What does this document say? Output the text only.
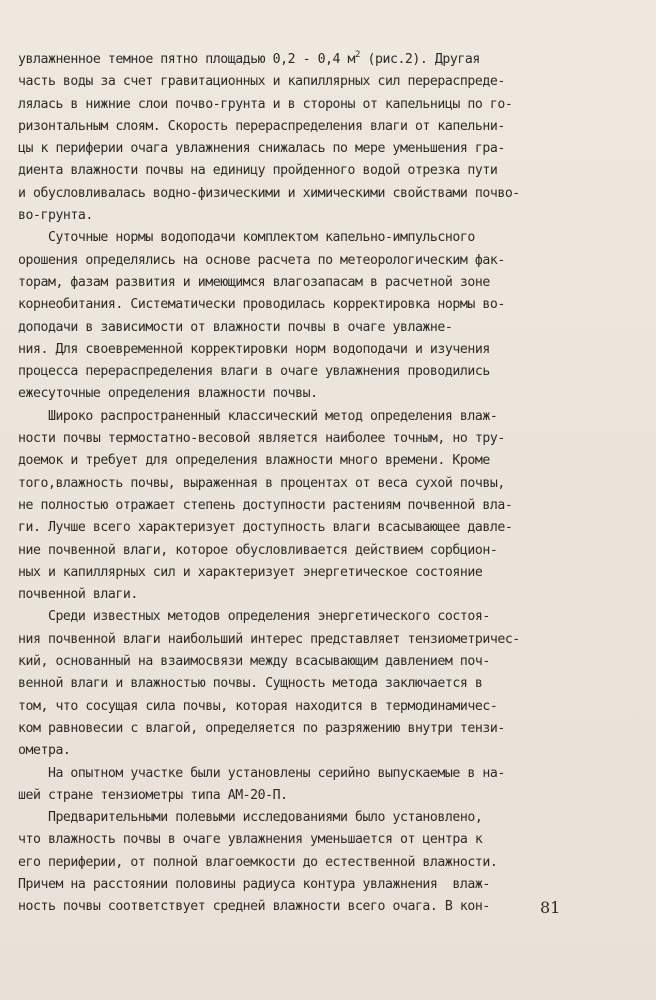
увлажненное темное пятно площадью 0,2 - 0,4 $м^2$ (рис.2). Другая
часть воды за счет гравитационных и капиллярных сил перераспреде-
лялась в нижние слои почво-грунта и в стороны от капельницы по го-
ризонтальным слоям. Скорость перераспределения влаги от капельни-
цы к периферии очага увлажнения снижалась по мере уменьшения гра-
диента влажности почвы на единицу пройденного водой отрезка пути
и обусловливалась водно-физическими и химическими свойствами почво-
во-грунта.
Суточные нормы водоподачи комплектом капельно-импульсного
орошения определялись на основе расчета по метеорологическим фак-
торам, фазам развития и имеющимся влагозапасам в расчетной зоне
корнеобитания. Систематически проводилась корректировка нормы во-
доподачи в зависимости от влажности почвы в очаге увлажне-
ния. Для своевременной корректировки норм водоподачи и изучения
процесса перераспределения влаги в очаге увлажнения проводились
ежесуточные определения влажности почвы.
Широко распространенный классический метод определения влаж-
ности почвы термостатно-весовой является наиболее точным, но тру-
доемок и требует для определения влажности много времени. Кроме
того,влажность почвы, выраженная в процентах от веса сухой почвы,
не полностью отражает степень доступности растениям почвенной вла-
ги. Лучше всего характеризует доступность влаги всасывающее давле-
ние почвенной влаги, которое обусловливается действием сорбцион-
ных и капиллярных сил и характеризует энергетическое состояние
почвенной влаги.
Среди известных методов определения энергетического состоя-
ния почвенной влаги наибольший интерес представляет тензиометричес-
кий, основанный на взаимосвязи между всасывающим давлением поч-
венной влаги и влажностью почвы. Сущность метода заключается в
том, что сосущая сила почвы, которая находится в термодинамичес-
ком равновесии с влагой, определяется по разряжению внутри тензи-
ометра.
На опытном участке были установлены серийно выпускаемые в на-
шей стране тензиометры типа АМ-20-П.
Предварительными полевыми исследованиями было установлено,
что влажность почвы в очаге увлажнения уменьшается от центра к
его периферии, от полной влагоемкости до естественной влажности.
Причем на расстоянии половины радиуса контура увлажнения  влаж-
ность почвы соответствует средней влажности всего очага. В кон-	81
